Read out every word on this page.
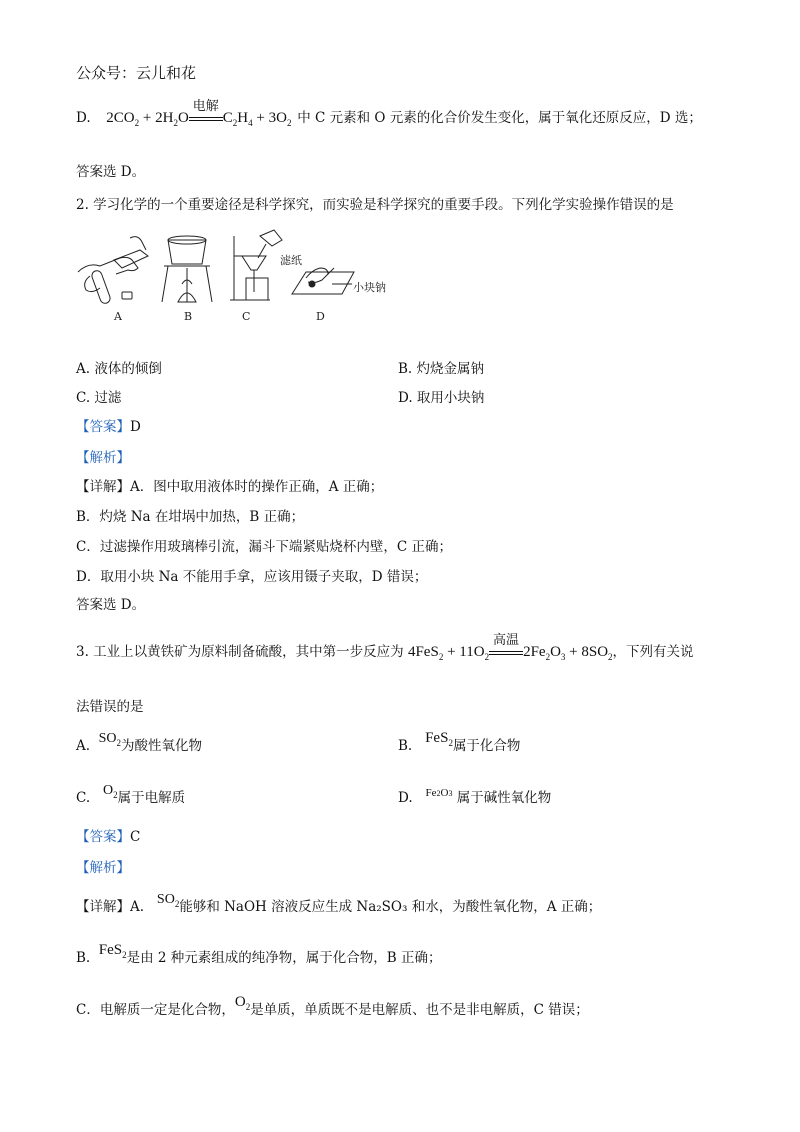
公众号：云儿和花
D. $2CO_2 + 2H_2O$
电解
$C_2H_4 + 3O_2$ 中 C 元素和 O 元素的化合价发生变化，属于氧化还原反应，D 选；
答案选 D。
2. 学习化学的一个重要途径是科学探究，而实验是科学探究的重要手段。下列化学实验操作错误的是
滤纸
小块钠
A	B	C	D
A. 液体的倾倒	B. 灼烧金属钠
C. 过滤	D. 取用小块钠
【答案】D
【解析】
【详解】A．图中取用液体时的操作正确，A 正确；
B．灼烧 Na 在坩埚中加热，B 正确；
C．过滤操作用玻璃棒引流，漏斗下端紧贴烧杯内壁，C 正确；
D．取用小块 Na 不能用手拿，应该用镊子夹取，D 错误；
答案选 D。
3. 工业上以黄铁矿为原料制备硫酸，其中第一步反应为 $4FeS_2 + 11O_2$
高温
$2Fe_2O_3 + 8SO_2$，下列有关说
法错误的是
A.  $SO_2$为酸性氧化物	B.   FeS$_2$属于化合物
C.   $O_2$属于电解质	D.   $^{Fe2O3}$ 属于碱性氧化物
【答案】C
【解析】
【详解】A.   $SO_2$能够和 NaOH 溶液反应生成 Na₂SO₃ 和水，为酸性氧化物，A 正确；
B.  FeS$_2$是由 2 种元素组成的纯净物，属于化合物，B 正确；
C．电解质一定是化合物，$O_2$是单质，单质既不是电解质、也不是非电解质，C 错误；
